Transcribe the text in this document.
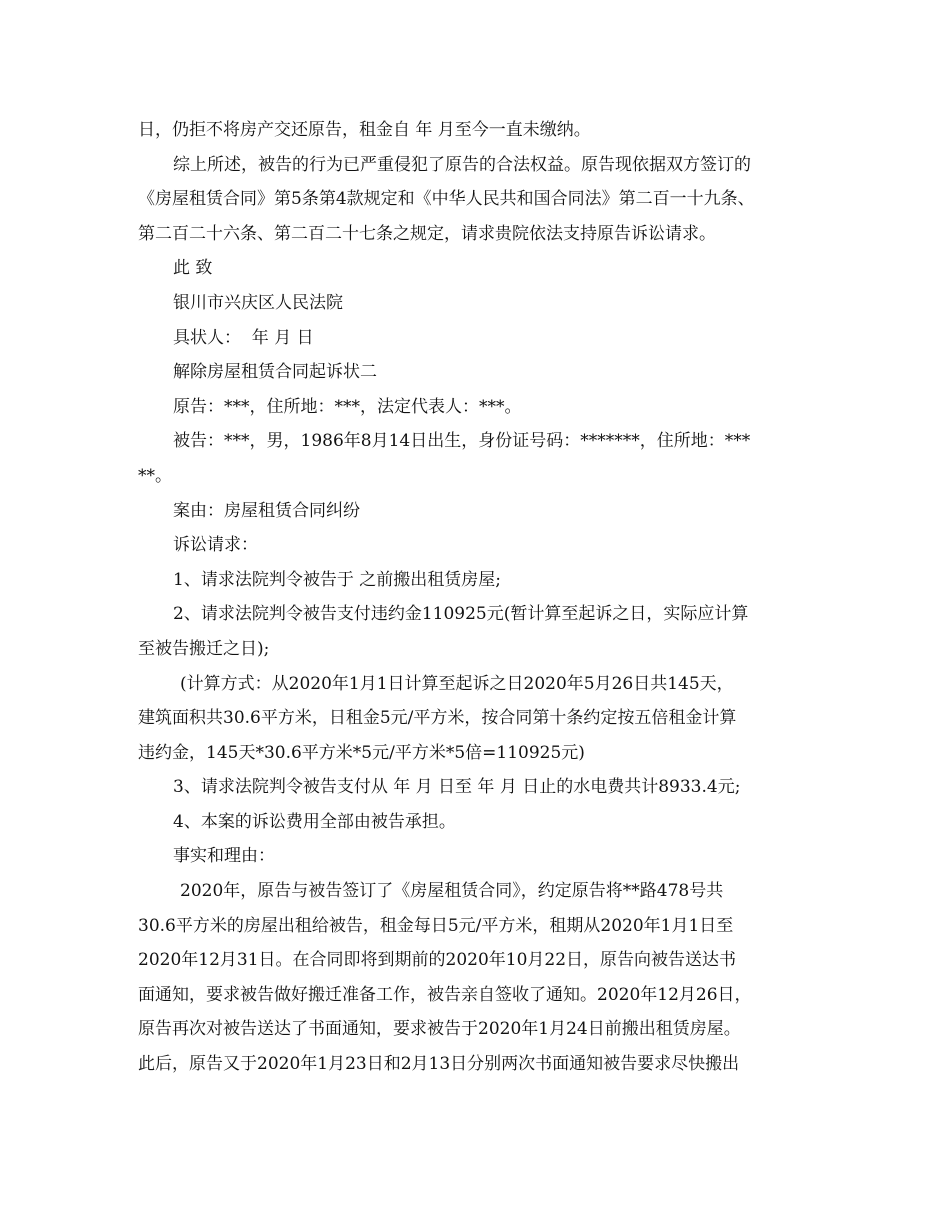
日，仍拒不将房产交还原告，租金自 年 月至今一直未缴纳。
综上所述，被告的行为已严重侵犯了原告的合法权益。原告现依据双方签订的
《房屋租赁合同》第5条第4款规定和《中华人民共和国合同法》第二百一十九条、
第二百二十六条、第二百二十七条之规定，请求贵院依法支持原告诉讼请求。
此 致
银川市兴庆区人民法院
具状人：  年 月 日
解除房屋租赁合同起诉状二
原告：***，住所地：***，法定代表人：***。
被告：***，男，1986年8月14日出生，身份证号码：*******，住所地：***
**。
案由：房屋租赁合同纠纷
诉讼请求：
1、请求法院判令被告于 之前搬出租赁房屋;
2、请求法院判令被告支付违约金110925元(暂计算至起诉之日，实际应计算
至被告搬迁之日);
(计算方式：从2020年1月1日计算至起诉之日2020年5月26日共145天，
建筑面积共30.6平方米，日租金5元/平方米，按合同第十条约定按五倍租金计算
违约金，145天*30.6平方米*5元/平方米*5倍=110925元)
3、请求法院判令被告支付从 年 月 日至 年 月 日止的水电费共计8933.4元;
4、本案的诉讼费用全部由被告承担。
事实和理由：
2020年，原告与被告签订了《房屋租赁合同》，约定原告将**路478号共
30.6平方米的房屋出租给被告，租金每日5元/平方米，租期从2020年1月1日至
2020年12月31日。在合同即将到期前的2020年10月22日，原告向被告送达书
面通知，要求被告做好搬迁准备工作，被告亲自签收了通知。2020年12月26日，
原告再次对被告送达了书面通知，要求被告于2020年1月24日前搬出租赁房屋。
此后，原告又于2020年1月23日和2月13日分别两次书面通知被告要求尽快搬出
